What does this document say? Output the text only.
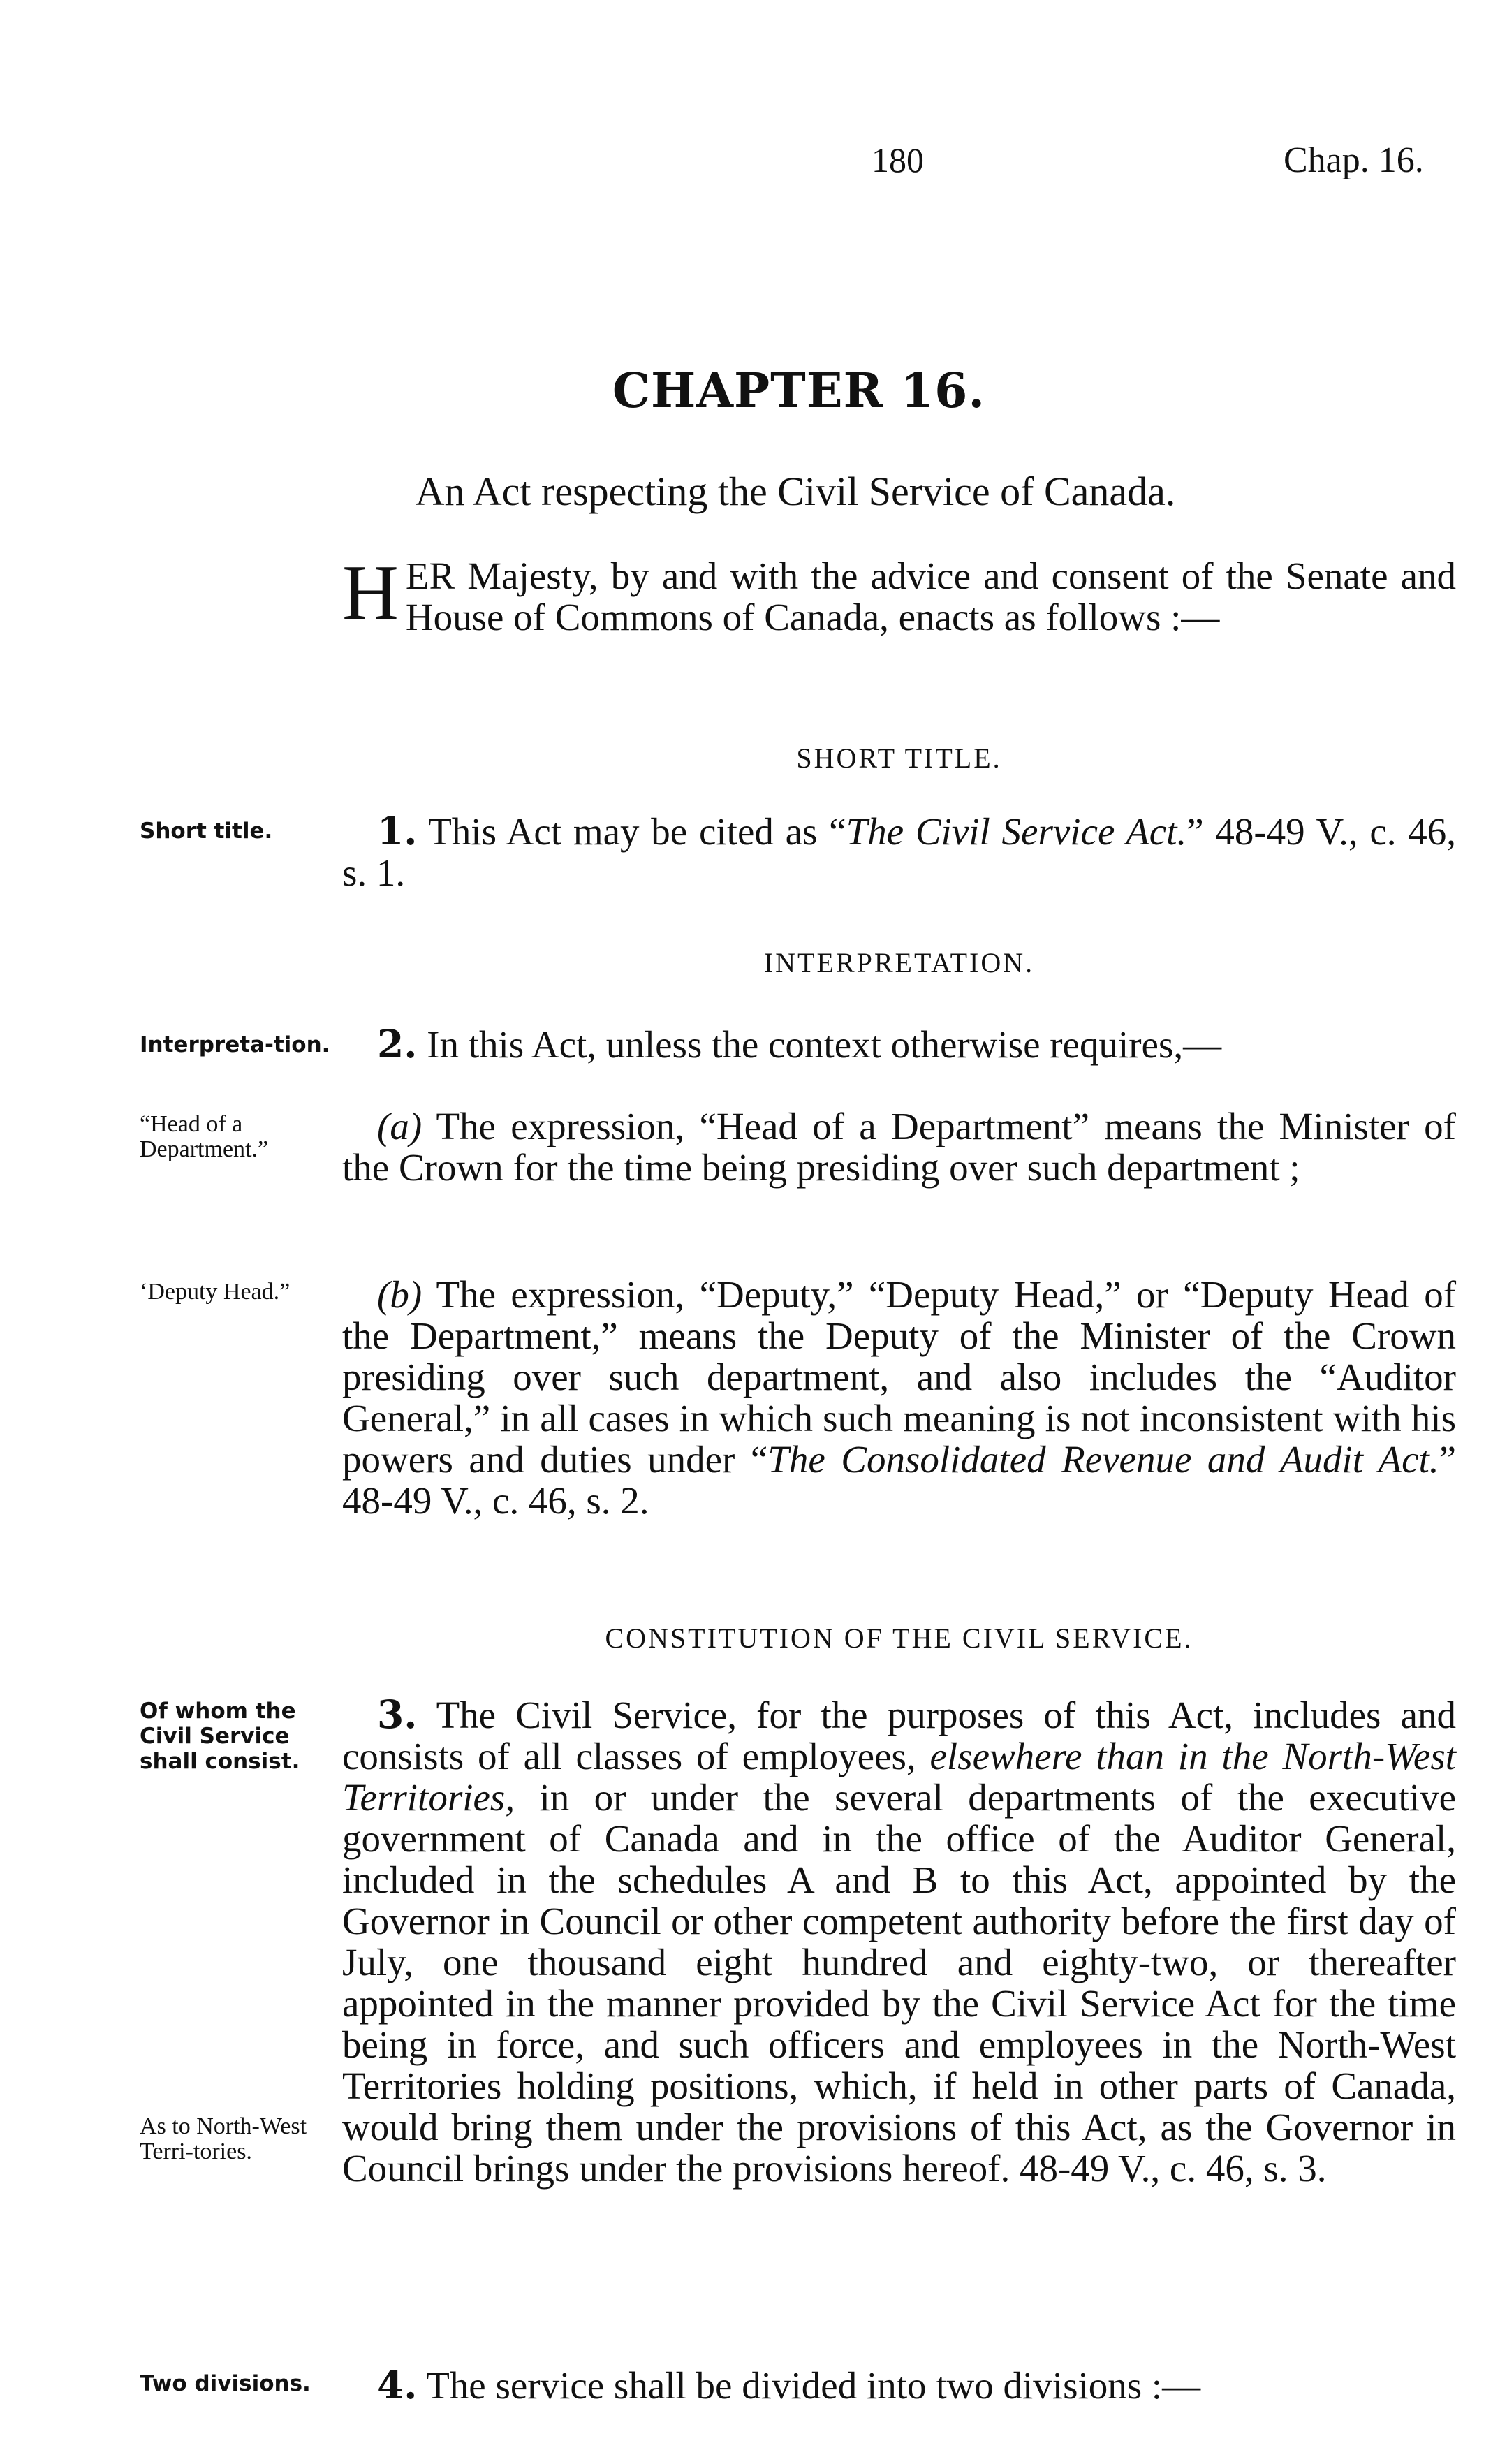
180	Chap. 16.
CHAPTER 16.
An Act respecting the Civil Service of Canada.
HER Majesty, by and with the advice and consent of the Senate and House of Commons of Canada, enacts as follows :—
SHORT TITLE.
Short title.	1. This Act may be cited as “The Civil Service Act.” 48-49 V., c. 46, s. 1.
INTERPRETATION.
Interpreta-tion.	2. In this Act, unless the context otherwise requires,—
“Head of a Department.”
(a) The expression, “Head of a Department” means the Minister of the Crown for the time being presiding over such department ;
‘Deputy Head.”	(b) The expression, “Deputy,” “Deputy Head,” or “Deputy Head of the Department,” means the Deputy of the Minister of the Crown presiding over such department, and also includes the “Auditor General,” in all cases in which such meaning is not inconsistent with his powers and duties under “The Consolidated Revenue and Audit Act.” 48-49 V., c. 46, s. 2.
CONSTITUTION OF THE CIVIL SERVICE.
Of whom the Civil Service shall consist.
3. The Civil Service, for the purposes of this Act, includes and consists of all classes of employees, elsewhere than in the North-West Territories, in or under the several departments of the executive government of Canada and in the office of the Auditor General, included in the schedules A and B to this Act, appointed by the Governor in Council or other competent authority before the first day of July, one thousand eight hundred and eighty-two, or thereafter appointed in the manner provided by the Civil Service Act for the time being in force, and such officers and employees in the North-West Territories holding positions, which, if held in other parts of Canada, would bring them under the provisions of this Act, as the Governor in Council brings under the provisions hereof. 48-49 V., c. 46, s. 3.
As to North-West Terri-tories.
Two divisions.	4. The service shall be divided into two divisions :—
